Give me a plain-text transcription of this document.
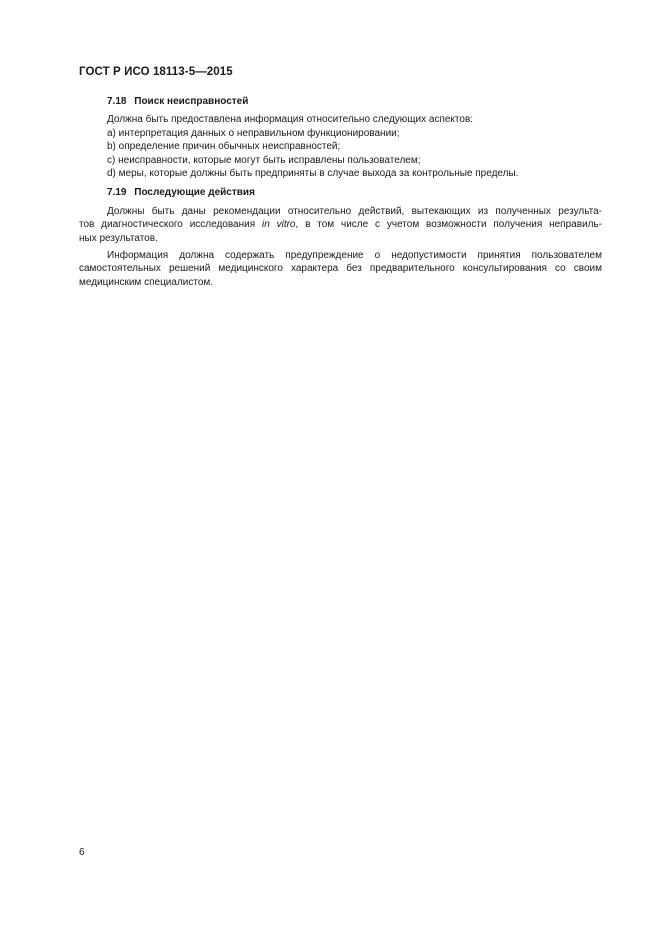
ГОСТ Р ИСО 18113-5—2015
7.18 Поиск неисправностей

Должна быть предоставлена информация относительно следующих аспектов:

a) интерпретация данных о неправильном функционировании;

b) определение причин обычных неисправностей;

c) неисправности, которые могут быть исправлены пользователем;

d) меры, которые должны быть предприняты в случае выхода за контрольные пределы.

7.19 Последующие действия
Должны быть даны рекомендации относительно действий, вытекающих из полученных результа-
тов диагностического исследования in vitro, в том числе с учетом возможности получения неправиль-
ных результатов.
Информация должна содержать предупреждение о недопустимости принятия пользователем
самостоятельных решений медицинского характера без предварительного консультирования со своим
медицинским специалистом.
6
